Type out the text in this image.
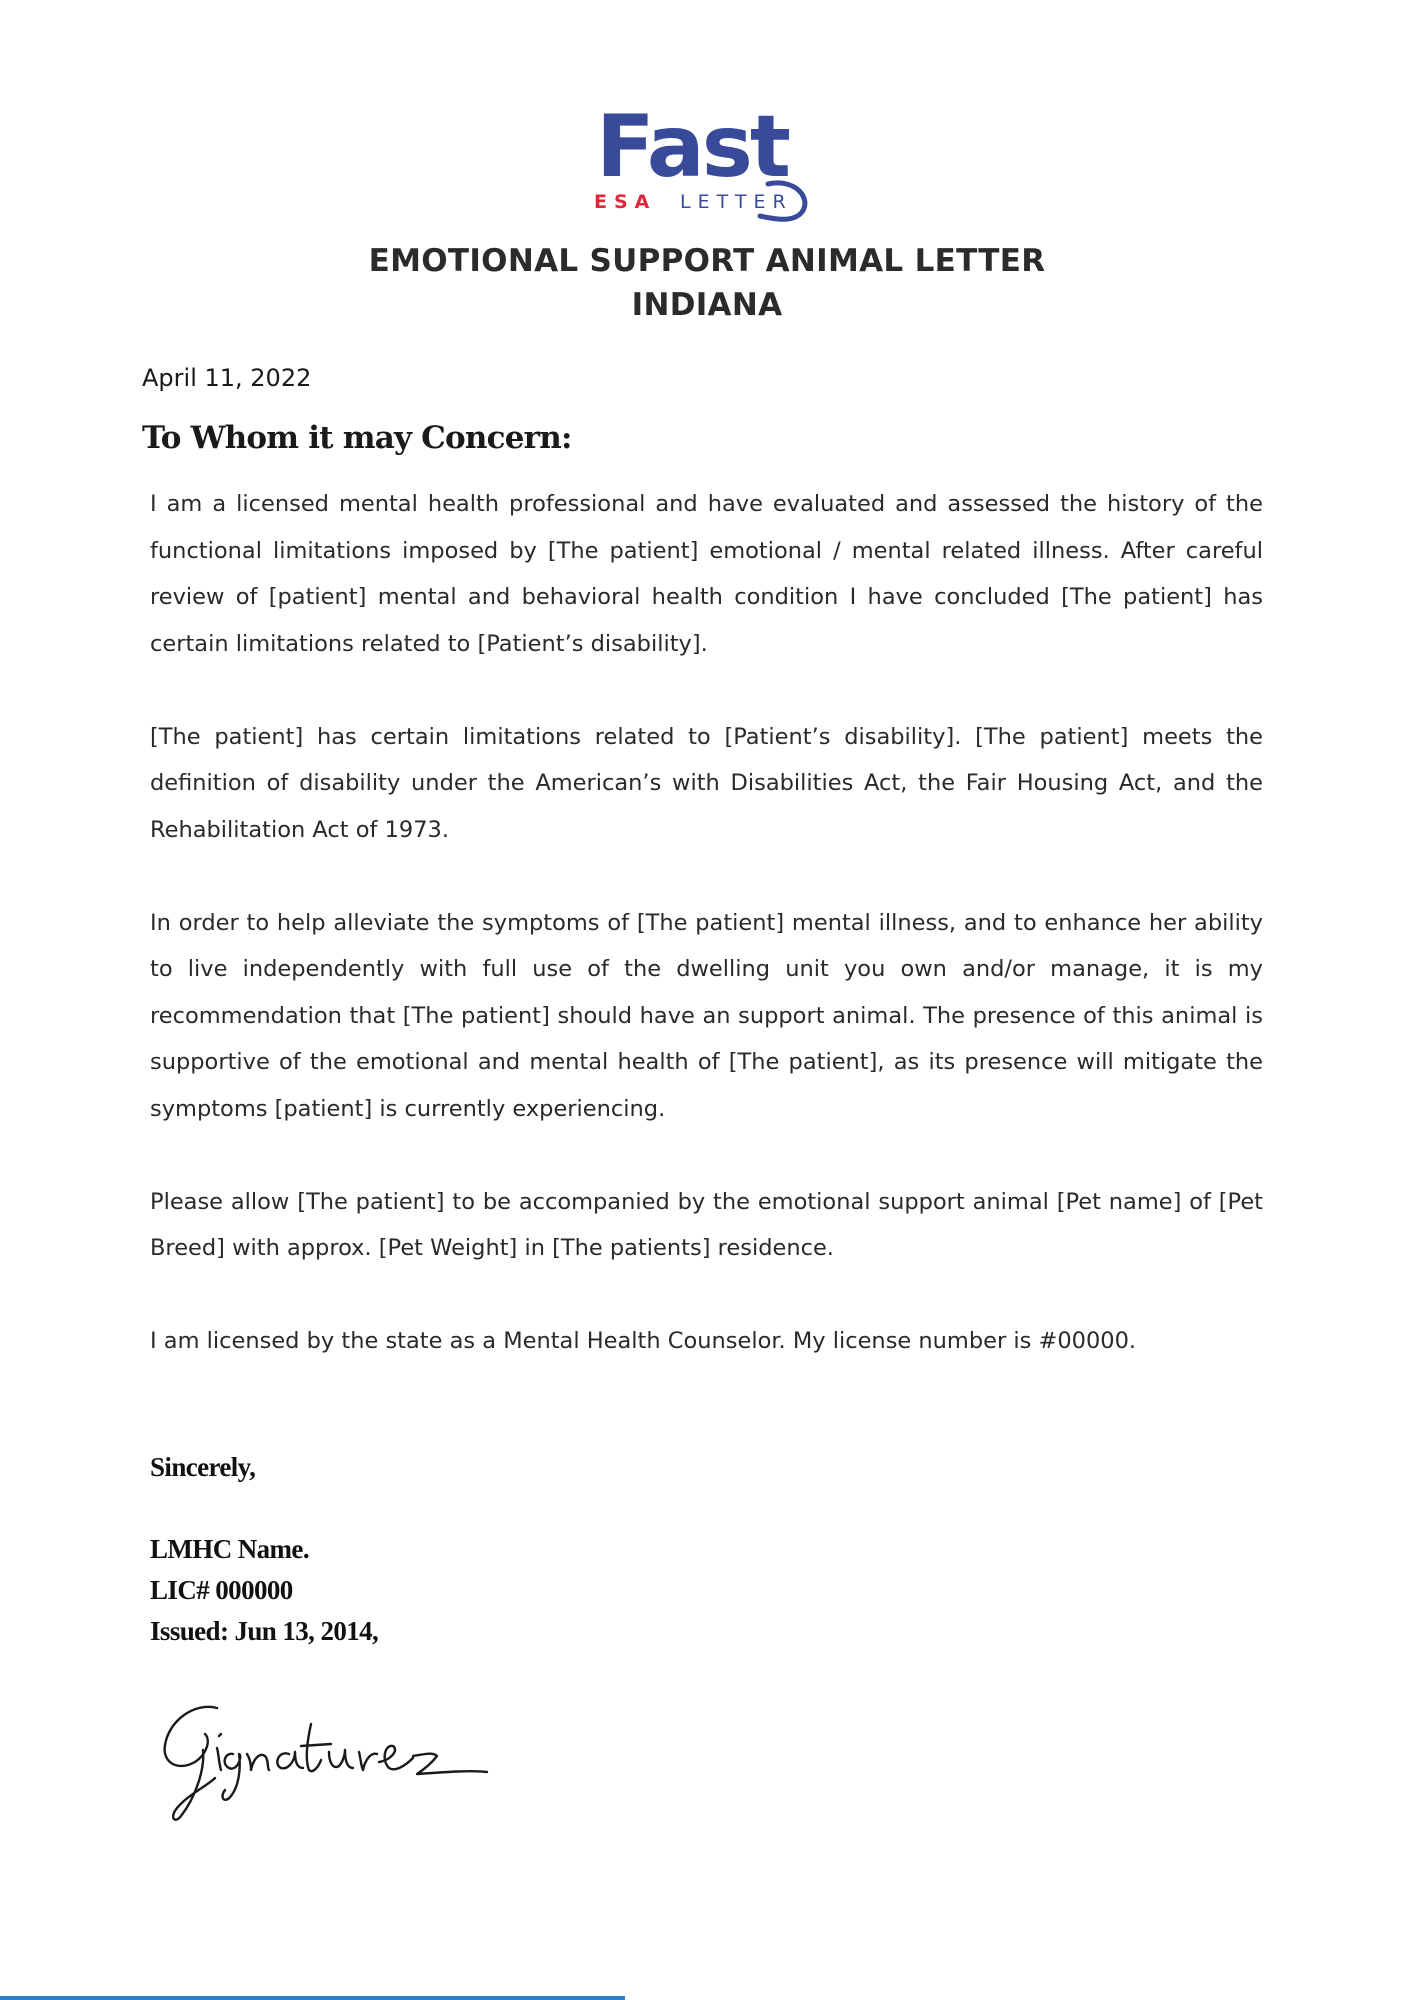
Fast
ESA LETTER
EMOTIONAL SUPPORT ANIMAL LETTER
INDIANA
April 11, 2022
To Whom it may Concern:

I am a licensed mental health professional and have evaluated and assessed the history of the functional limitations imposed by [The patient] emotional / mental related illness. After careful review of [patient] mental and behavioral health condition I have concluded [The patient] has certain limitations related to [Patient’s disability].

[The patient] has certain limitations related to [Patient’s disability]. [The patient] meets the definition of disability under the American’s with Disabilities Act, the Fair Housing Act, and the Rehabilitation Act of 1973.

In order to help alleviate the symptoms of [The patient] mental illness, and to enhance her ability to live independently with full use of the dwelling unit you own and/or manage, it is my recommendation that [The patient] should have an support animal. The presence of this animal is supportive of the emotional and mental health of [The patient], as its presence will mitigate the symptoms [patient] is currently experiencing.

Please allow [The patient] to be accompanied by the emotional support animal [Pet name] of [Pet Breed] with approx. [Pet Weight] in [The patients] residence.

I am licensed by the state as a Mental Health Counselor. My license number is #00000.

Sincerely,
LMHC Name.
LIC# 000000
Issued: Jun 13, 2014,
